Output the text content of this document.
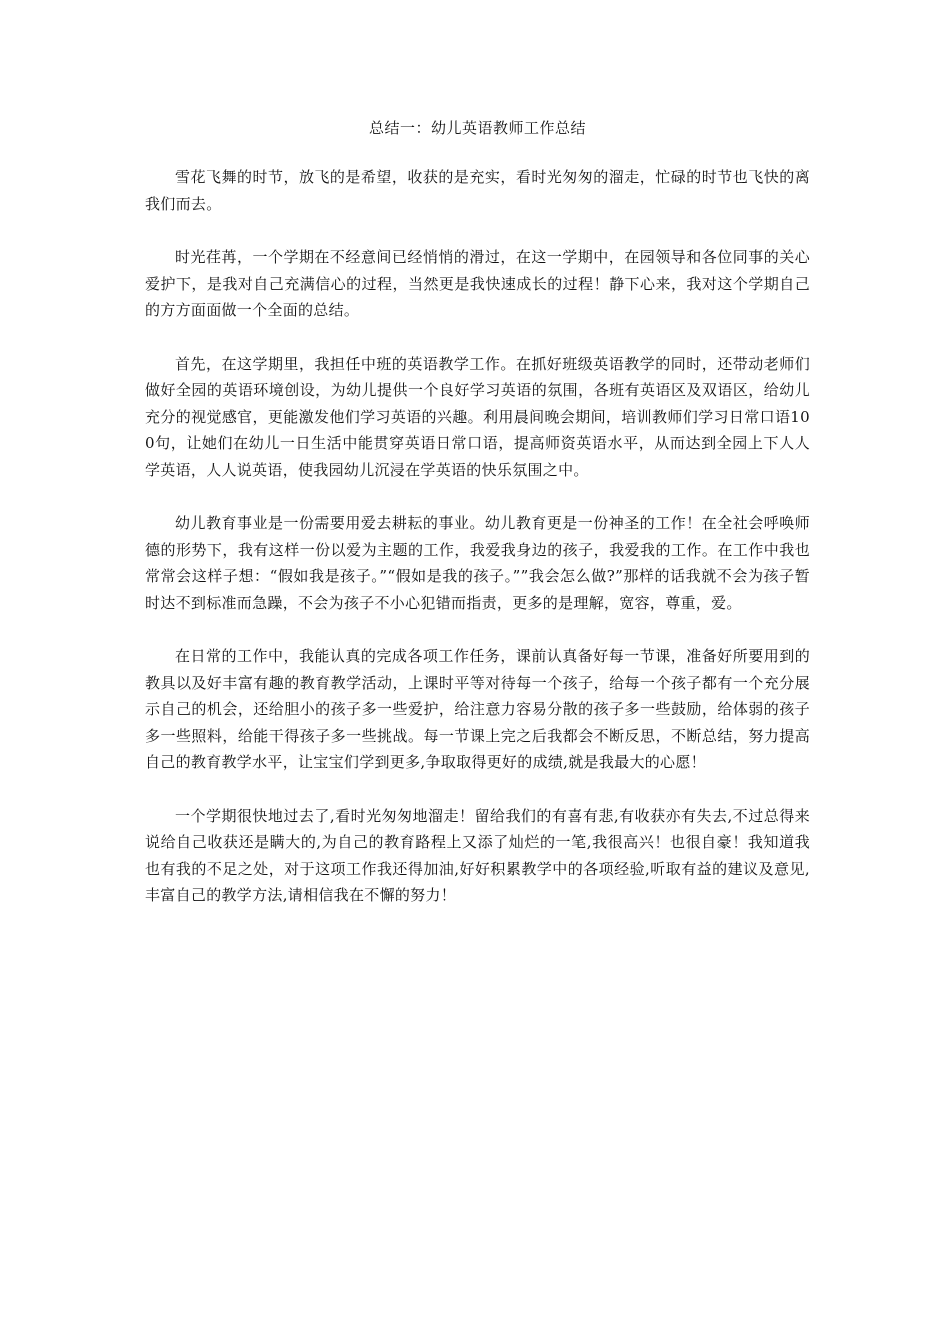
总结一：幼儿英语教师工作总结

雪花飞舞的时节，放飞的是希望，收获的是充实，看时光匆匆的溜走，忙碌的时节也飞快的离我们而去。

时光荏苒，一个学期在不经意间已经悄悄的滑过，在这一学期中，在园领导和各位同事的关心爱护下，是我对自己充满信心的过程，当然更是我快速成长的过程！静下心来，我对这个学期自己的方方面面做一个全面的总结。

首先，在这学期里，我担任中班的英语教学工作。在抓好班级英语教学的同时，还带动老师们做好全园的英语环境创设，为幼儿提供一个良好学习英语的氛围，各班有英语区及双语区，给幼儿充分的视觉感官，更能激发他们学习英语的兴趣。利用晨间晚会期间，培训教师们学习日常口语100句，让她们在幼儿一日生活中能贯穿英语日常口语，提高师资英语水平，从而达到全园上下人人学英语，人人说英语，使我园幼儿沉浸在学英语的快乐氛围之中。

幼儿教育事业是一份需要用爱去耕耘的事业。幼儿教育更是一份神圣的工作！在全社会呼唤师德的形势下，我有这样一份以爱为主题的工作，我爱我身边的孩子，我爱我的工作。在工作中我也常常会这样子想：“假如我是孩子。”“假如是我的孩子。””我会怎么做?”那样的话我就不会为孩子暂时达不到标准而急躁，不会为孩子不小心犯错而指责，更多的是理解，宽容，尊重，爱。

在日常的工作中，我能认真的完成各项工作任务，课前认真备好每一节课，准备好所要用到的教具以及好丰富有趣的教育教学活动，上课时平等对待每一个孩子，给每一个孩子都有一个充分展示自己的机会，还给胆小的孩子多一些爱护，给注意力容易分散的孩子多一些鼓励，给体弱的孩子多一些照料，给能干得孩子多一些挑战。每一节课上完之后我都会不断反思，不断总结，努力提高自己的教育教学水平，让宝宝们学到更多,争取取得更好的成绩,就是我最大的心愿！

一个学期很快地过去了,看时光匆匆地溜走！留给我们的有喜有悲,有收获亦有失去,不过总得来说给自己收获还是瞒大的,为自己的教育路程上又添了灿烂的一笔,我很高兴！也很自豪！我知道我也有我的不足之处，对于这项工作我还得加油,好好积累教学中的各项经验,听取有益的建议及意见,丰富自己的教学方法,请相信我在不懈的努力！
